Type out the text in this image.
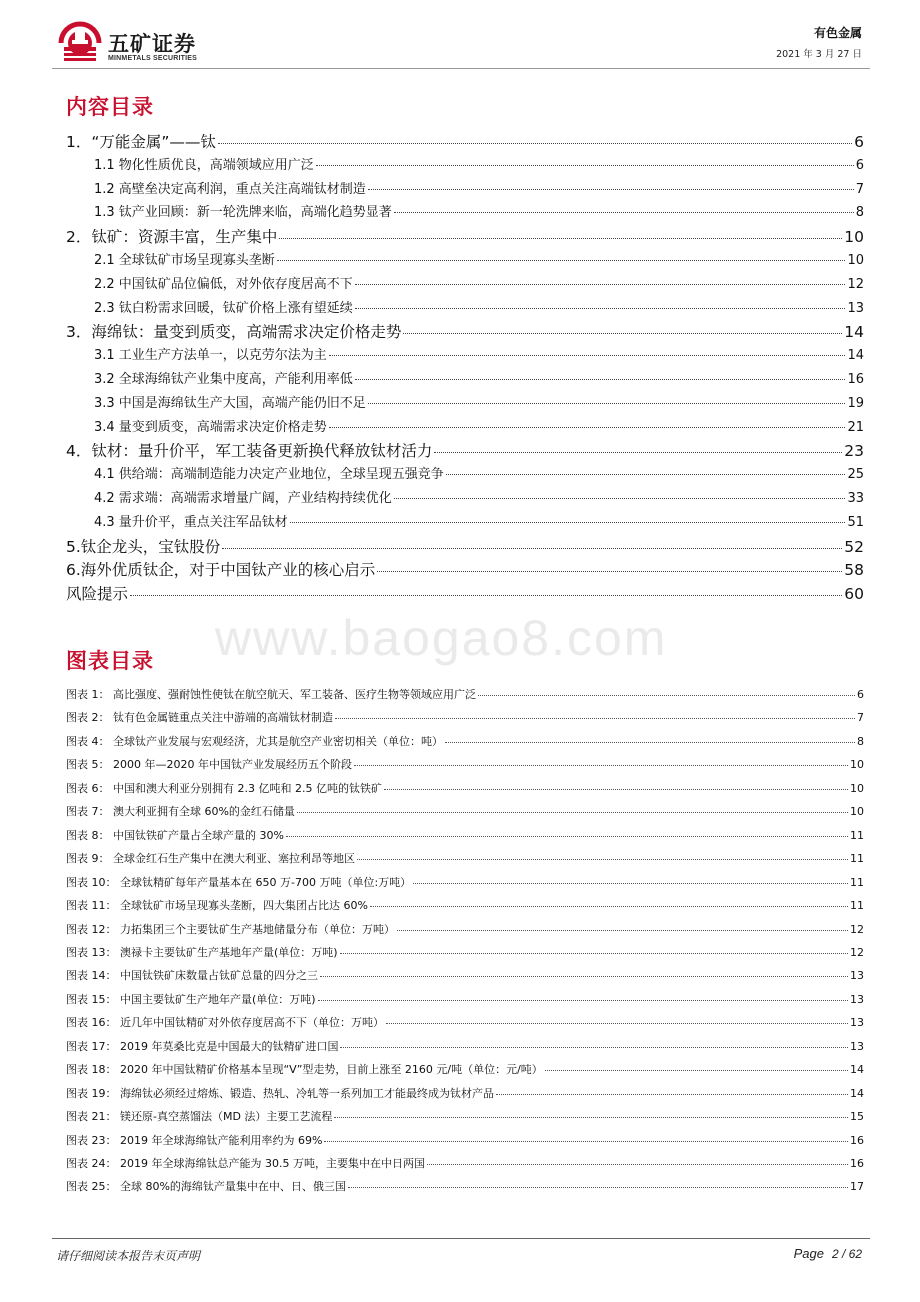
五矿证券
MINMETALS SECURITIES
有色金属
2021 年 3 月 27 日
内容目录
1．“万能金属”——钛	6
1.1 物化性质优良，高端领域应用广泛	6
1.2 高壁垒决定高利润，重点关注高端钛材制造	7
1.3 钛产业回顾：新一轮洗牌来临，高端化趋势显著	8
2．钛矿：资源丰富，生产集中	10
2.1 全球钛矿市场呈现寡头垄断	10
2.2 中国钛矿品位偏低，对外依存度居高不下	12
2.3 钛白粉需求回暖，钛矿价格上涨有望延续	13
3．海绵钛：量变到质变，高端需求决定价格走势	14
3.1 工业生产方法单一，以克劳尔法为主	14
3.2 全球海绵钛产业集中度高，产能利用率低	16
3.3 中国是海绵钛生产大国，高端产能仍旧不足	19
3.4 量变到质变，高端需求决定价格走势	21
4．钛材：量升价平，军工装备更新换代释放钛材活力	23
4.1 供给端：高端制造能力决定产业地位，全球呈现五强竞争	25
4.2 需求端：高端需求增量广阔，产业结构持续优化	33
4.3 量升价平，重点关注军品钛材	51
5.钛企龙头，宝钛股份	52
6.海外优质钛企，对于中国钛产业的核心启示	58
风险提示	60
www.baogao8.com
图表目录
图表 1： 高比强度、强耐蚀性使钛在航空航天、军工装备、医疗生物等领域应用广泛	6
图表 2： 钛有色金属链重点关注中游端的高端钛材制造	7
图表 4： 全球钛产业发展与宏观经济，尤其是航空产业密切相关（单位：吨）	8
图表 5： 2000 年—2020 年中国钛产业发展经历五个阶段	10
图表 6： 中国和澳大利亚分别拥有 2.3 亿吨和 2.5 亿吨的钛铁矿	10
图表 7： 澳大利亚拥有全球 60%的金红石储量	10
图表 8： 中国钛铁矿产量占全球产量的 30%	11
图表 9： 全球金红石生产集中在澳大利亚、塞拉利昂等地区	11
图表 10： 全球钛精矿每年产量基本在 650 万-700 万吨（单位:万吨）	11
图表 11： 全球钛矿市场呈现寡头垄断，四大集团占比达 60%	11
图表 12： 力拓集团三个主要钛矿生产基地储量分布（单位：万吨）	12
图表 13： 澳禄卡主要钛矿生产基地年产量(单位：万吨)	12
图表 14： 中国钛铁矿床数量占钛矿总量的四分之三	13
图表 15： 中国主要钛矿生产地年产量(单位：万吨)	13
图表 16： 近几年中国钛精矿对外依存度居高不下（单位：万吨）	13
图表 17： 2019 年莫桑比克是中国最大的钛精矿进口国	13
图表 18： 2020 年中国钛精矿价格基本呈现“V”型走势，目前上涨至 2160 元/吨（单位：元/吨）	14
图表 19： 海绵钛必须经过熔炼、锻造、热轧、冷轧等一系列加工才能最终成为钛材产品	14
图表 21： 镁还原-真空蒸馏法（MD 法）主要工艺流程	15
图表 23： 2019 年全球海绵钛产能利用率约为 69%	16
图表 24： 2019 年全球海绵钛总产能为 30.5 万吨，主要集中在中日两国	16
图表 25： 全球 80%的海绵钛产量集中在中、日、俄三国	17
请仔细阅读本报告末页声明	Page 2 / 62
